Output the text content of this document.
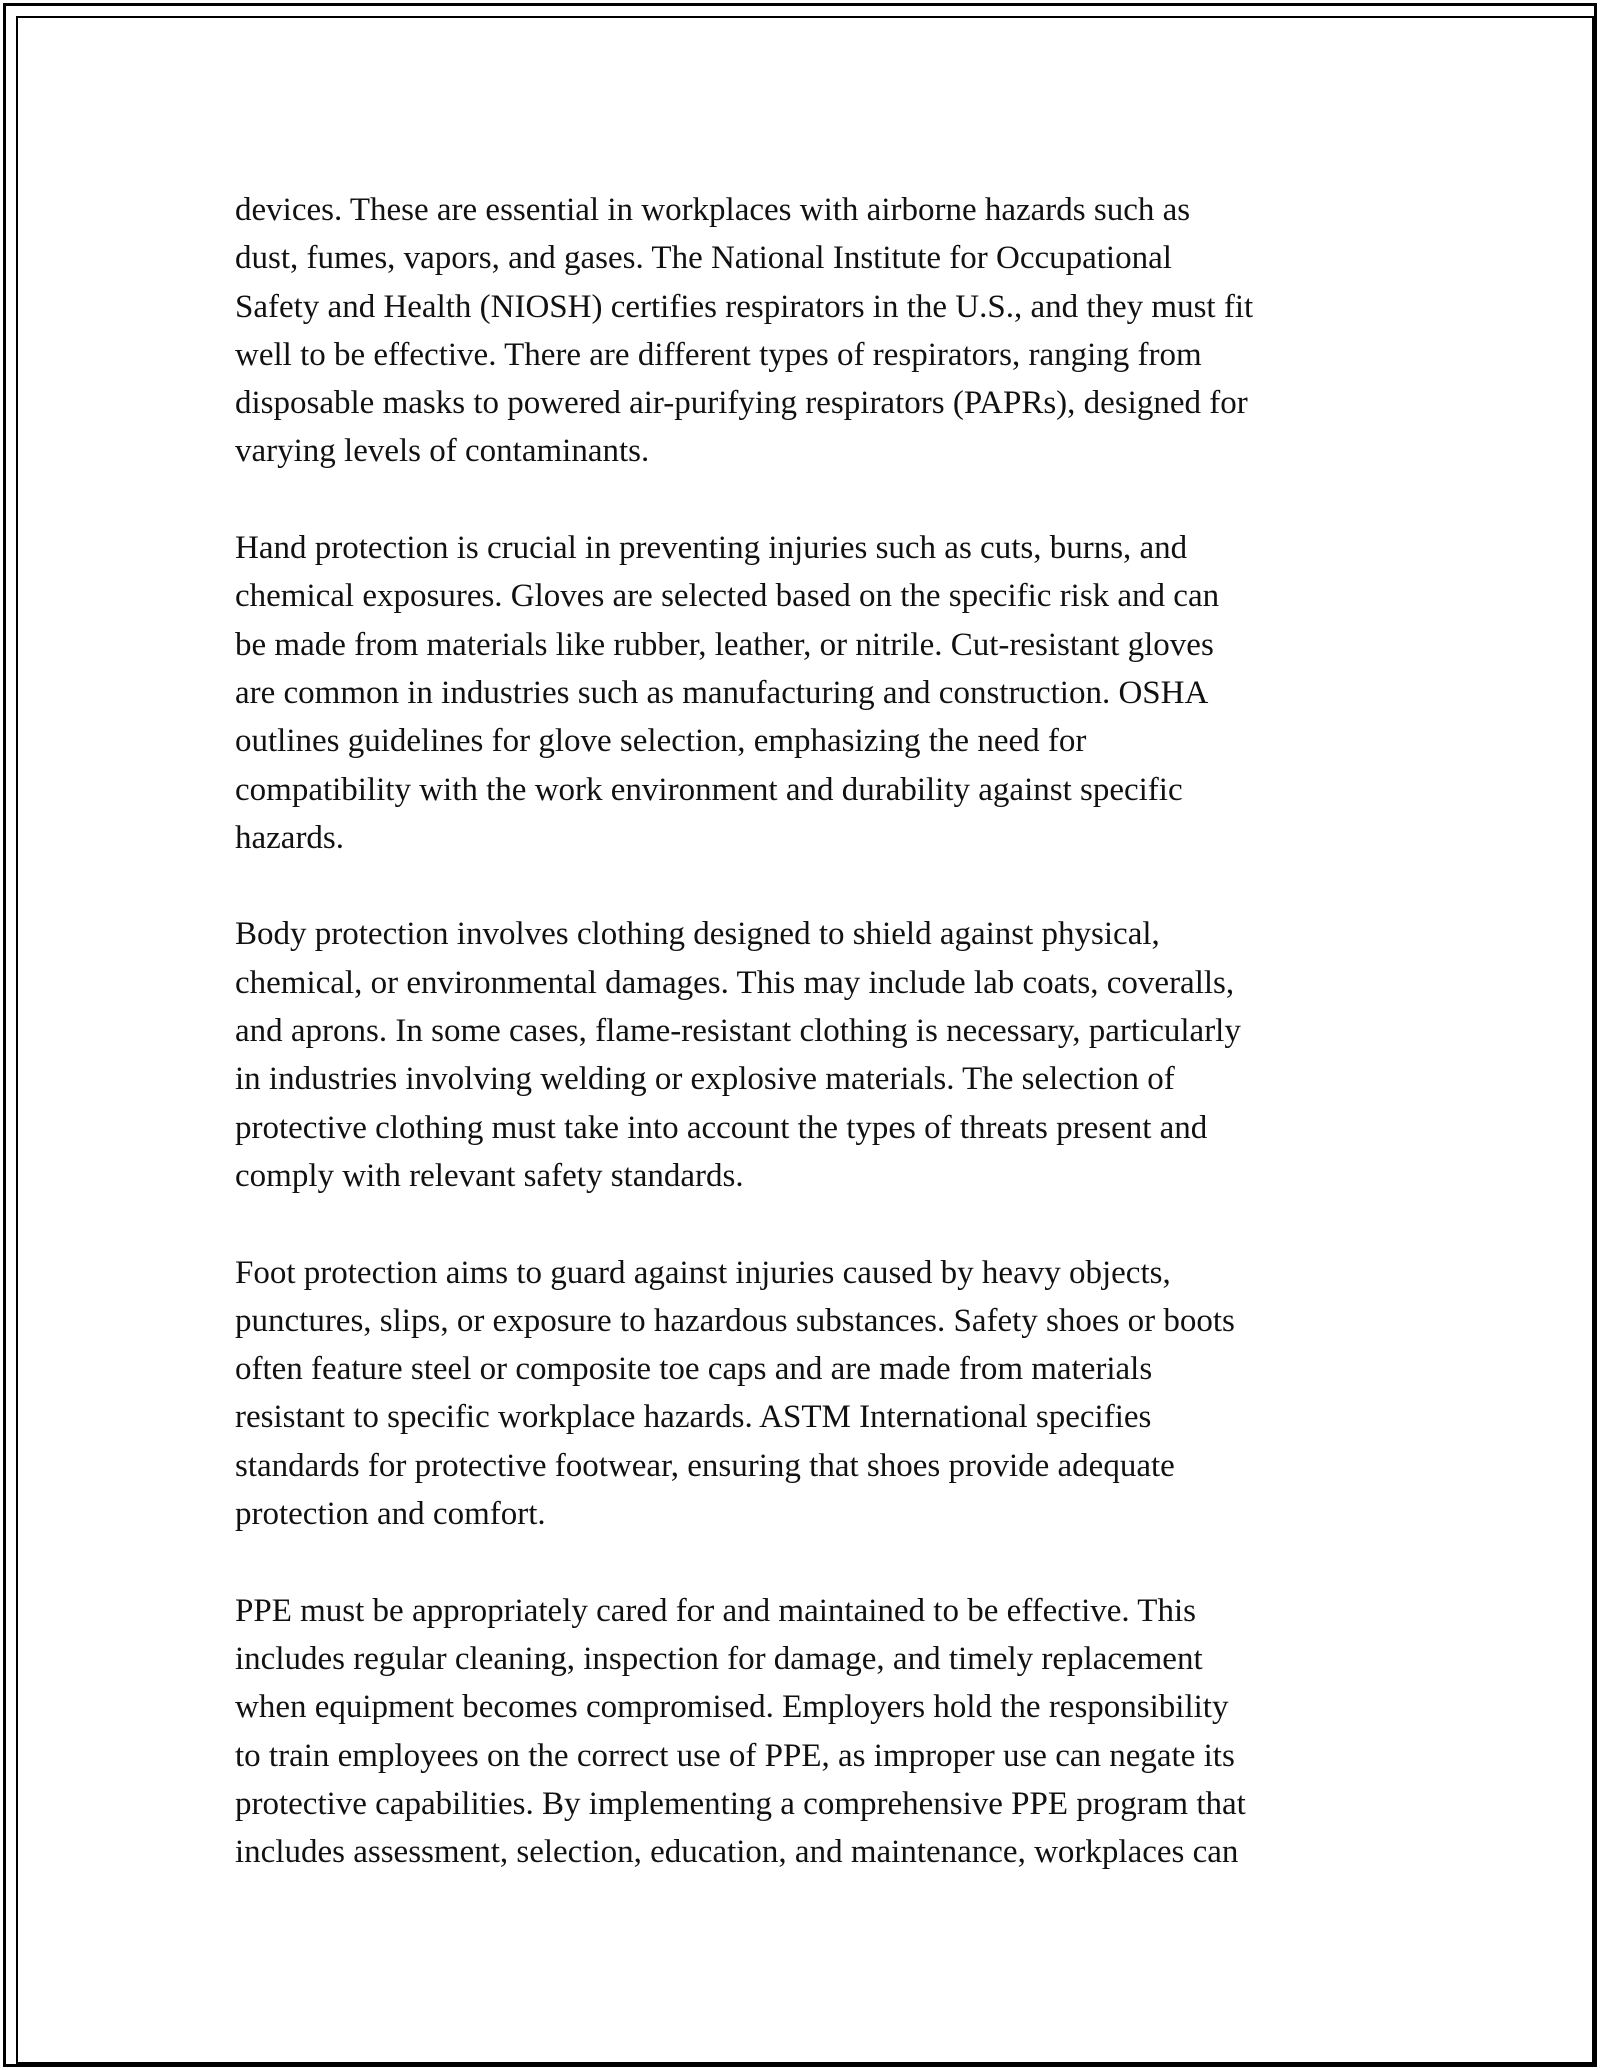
devices. These are essential in workplaces with airborne hazards such as
dust, fumes, vapors, and gases. The National Institute for Occupational
Safety and Health (NIOSH) certifies respirators in the U.S., and they must fit
well to be effective. There are different types of respirators, ranging from
disposable masks to powered air-purifying respirators (PAPRs), designed for
varying levels of contaminants.

Hand protection is crucial in preventing injuries such as cuts, burns, and
chemical exposures. Gloves are selected based on the specific risk and can
be made from materials like rubber, leather, or nitrile. Cut-resistant gloves
are common in industries such as manufacturing and construction. OSHA
outlines guidelines for glove selection, emphasizing the need for
compatibility with the work environment and durability against specific
hazards.

Body protection involves clothing designed to shield against physical,
chemical, or environmental damages. This may include lab coats, coveralls,
and aprons. In some cases, flame-resistant clothing is necessary, particularly
in industries involving welding or explosive materials. The selection of
protective clothing must take into account the types of threats present and
comply with relevant safety standards.

Foot protection aims to guard against injuries caused by heavy objects,
punctures, slips, or exposure to hazardous substances. Safety shoes or boots
often feature steel or composite toe caps and are made from materials
resistant to specific workplace hazards. ASTM International specifies
standards for protective footwear, ensuring that shoes provide adequate
protection and comfort.

PPE must be appropriately cared for and maintained to be effective. This
includes regular cleaning, inspection for damage, and timely replacement
when equipment becomes compromised. Employers hold the responsibility
to train employees on the correct use of PPE, as improper use can negate its
protective capabilities. By implementing a comprehensive PPE program that
includes assessment, selection, education, and maintenance, workplaces can
